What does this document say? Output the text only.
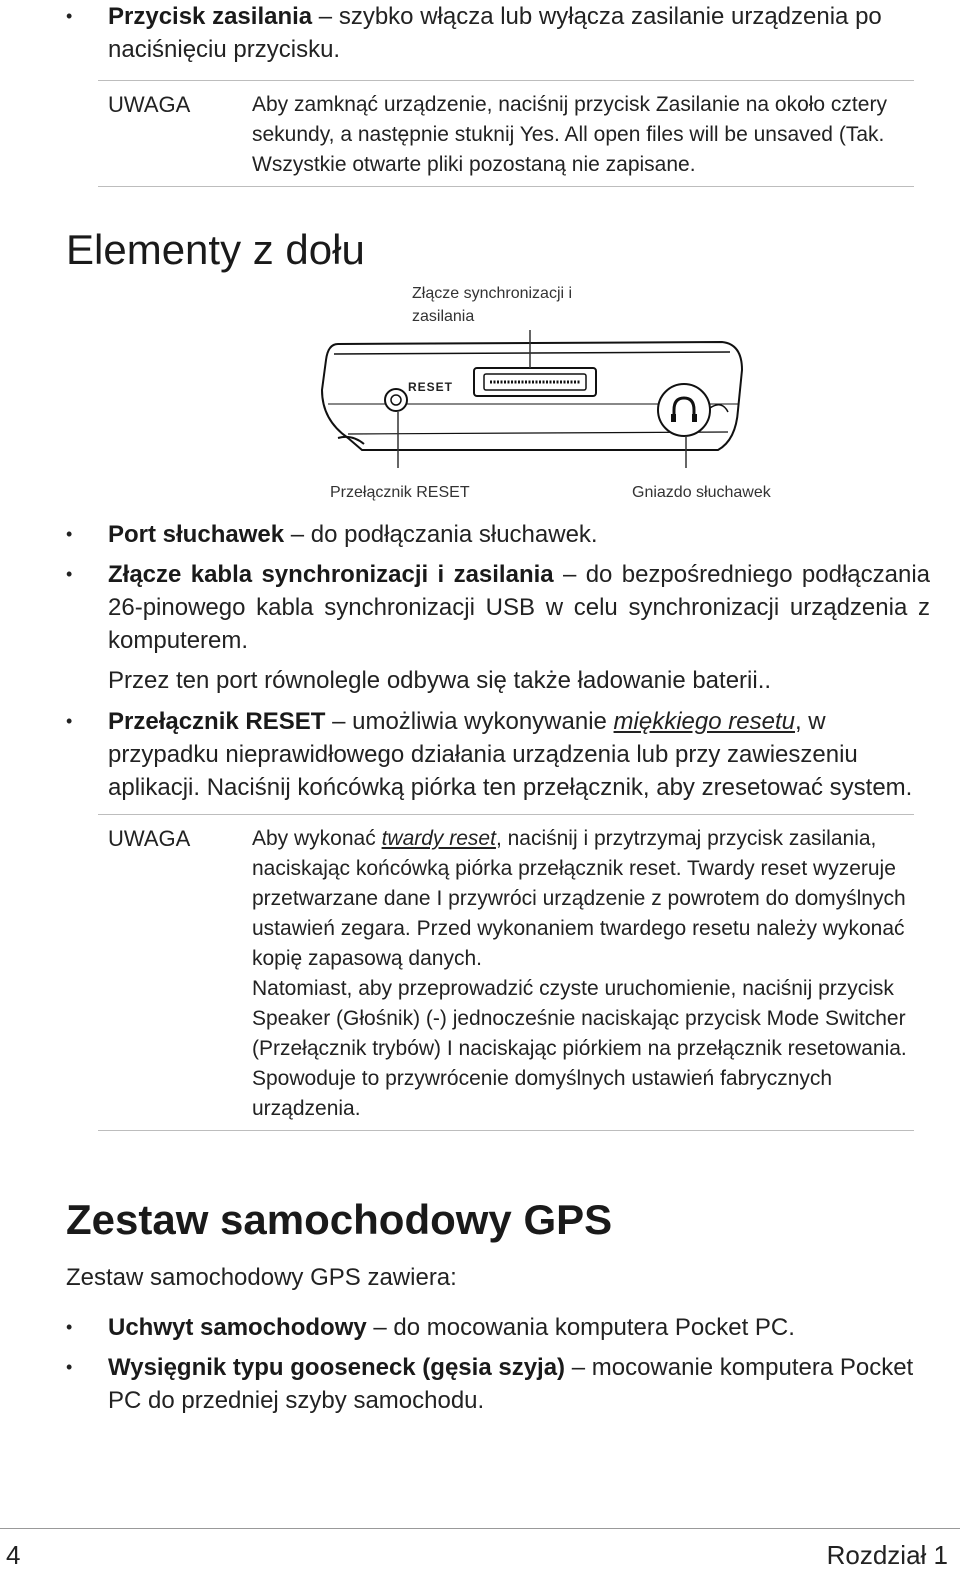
• Przycisk zasilania – szybko włącza lub wyłącza zasilanie urządzenia po naciśnięciu przycisku.
UWAGA	Aby zamknąć urządzenie, naciśnij przycisk Zasilanie na około cztery sekundy, a następnie stuknij Yes. All open files will be unsaved (Tak. Wszystkie otwarte pliki pozostaną nie zapisane.
Elementy z dołu
Złącze synchronizacji i zasilania
RESET
Przełącznik RESET	Gniazdo słuchawek
• Port słuchawek – do podłączania słuchawek.
• Złącze kabla synchronizacji i zasilania – do bezpośredniego podłączania 26-pinowego kabla synchronizacji USB w celu synchronizacji urządzenia z komputerem.
Przez ten port równolegle odbywa się także ładowanie baterii..
• Przełącznik RESET – umożliwia wykonywanie miękkiego resetu, w przypadku nieprawidłowego działania urządzenia lub przy zawieszeniu aplikacji. Naciśnij końcówką piórka ten przełącznik, aby zresetować system.
UWAGA	Aby wykonać twardy reset, naciśnij i przytrzymaj przycisk zasilania, naciskając końcówką piórka przełącznik reset. Twardy reset wyzeruje przetwarzane dane I przywróci urządzenie z powrotem do domyślnych ustawień zegara. Przed wykonaniem twardego resetu należy wykonać kopię zapasową danych.
Natomiast, aby przeprowadzić czyste uruchomienie, naciśnij przycisk Speaker (Głośnik) (-) jednocześnie naciskając przycisk Mode Switcher (Przełącznik trybów) I naciskając piórkiem na przełącznik resetowania. Spowoduje to przywrócenie domyślnych ustawień fabrycznych urządzenia.
Zestaw samochodowy GPS
Zestaw samochodowy GPS zawiera:
• Uchwyt samochodowy – do mocowania komputera Pocket PC.
• Wysięgnik typu gooseneck (gęsia szyja) – mocowanie komputera Pocket PC do przedniej szyby samochodu.
4	Rozdział 1
